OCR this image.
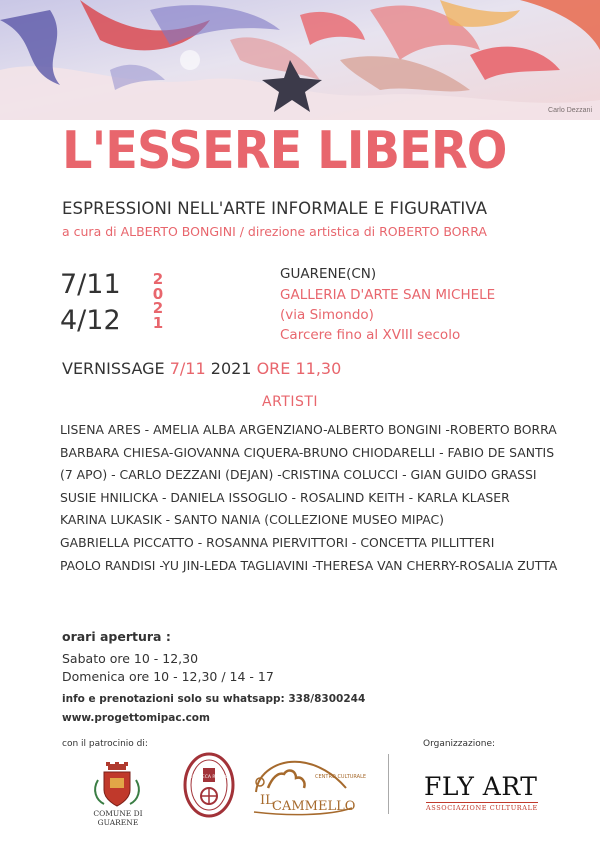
Carlo Dezzani
L'ESSERE LIBERO
ESPRESSIONI NELL'ARTE INFORMALE E FIGURATIVA
a cura di ALBERTO BONGINI / direzione artistica di ROBERTO BORRA
7/11
4/12
2
0
2
1
GUARENE(CN)
GALLERIA D'ARTE SAN MICHELE
(via Simondo)
Carcere fino al XVIII secolo
VERNISSAGE 7/11 2021 ORE 11,30
ARTISTI
LISENA ARES - AMELIA ALBA ARGENZIANO-ALBERTO BONGINI -ROBERTO BORRA
BARBARA CHIESA-GIOVANNA CIQUERA-BRUNO CHIODARELLI - FABIO DE SANTIS
(7 APO) - CARLO DEZZANI (DEJAN) -CRISTINA COLUCCI - GIAN GUIDO GRASSI
SUSIE HNILICKA - DANIELA ISSOGLIO - ROSALIND KEITH - KARLA KLASER
KARINA LUKASIK - SANTO NANIA (COLLEZIONE MUSEO MIPAC)
GABRIELLA PICCATTO - ROSANNA PIERVITTORI - CONCETTA PILLITTERI
PAOLO RANDISI -YU JIN-LEDA TAGLIAVINI -THERESA VAN CHERRY-ROSALIA ZUTTA
orari apertura :
Sabato ore 10 - 12,30
Domenica ore 10 - 12,30 / 14 - 17
info e prenotazioni solo su whatsapp: 338/8300244
www.progettomipac.com
con il patrocinio di:	Organizzazione:
COMUNE DI GUARENE
ENOTECA ROERO	CENTRO CULTURALE
IL
CAMMELLO
FLY ART
ASSOCIAZIONE CULTURALE
